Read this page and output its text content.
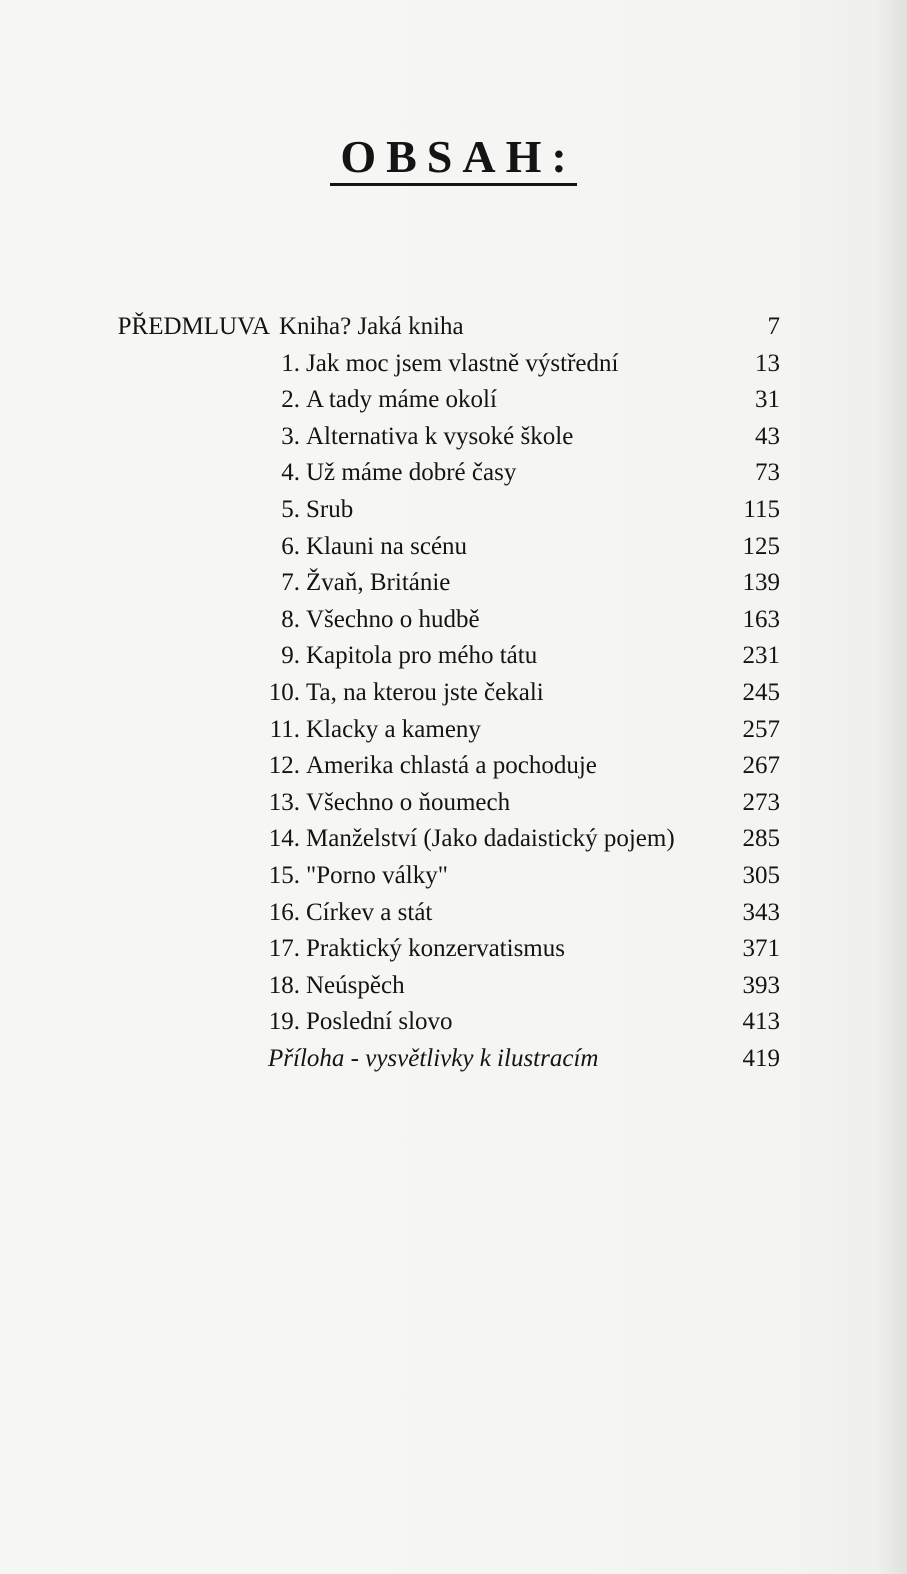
OBSAH:
PŘEDMLUVA Kniha? Jaká kniha	7
1. Jak moc jsem vlastně výstřední	13
2. A tady máme okolí	31
3. Alternativa k vysoké škole	43
4. Už máme dobré časy	73
5. Srub	115
6. Klauni na scénu	125
7. Žvaň, Británie	139
8. Všechno o hudbě	163
9. Kapitola pro mého tátu	231
10. Ta, na kterou jste čekali	245
11. Klacky a kameny	257
12. Amerika chlastá a pochoduje	267
13. Všechno o ňoumech	273
14. Manželství (Jako dadaistický pojem)	285
15. "Porno války"	305
16. Církev a stát	343
17. Praktický konzervatismus	371
18. Neúspěch	393
19. Poslední slovo	413
Příloha - vysvětlivky k ilustracím	419
